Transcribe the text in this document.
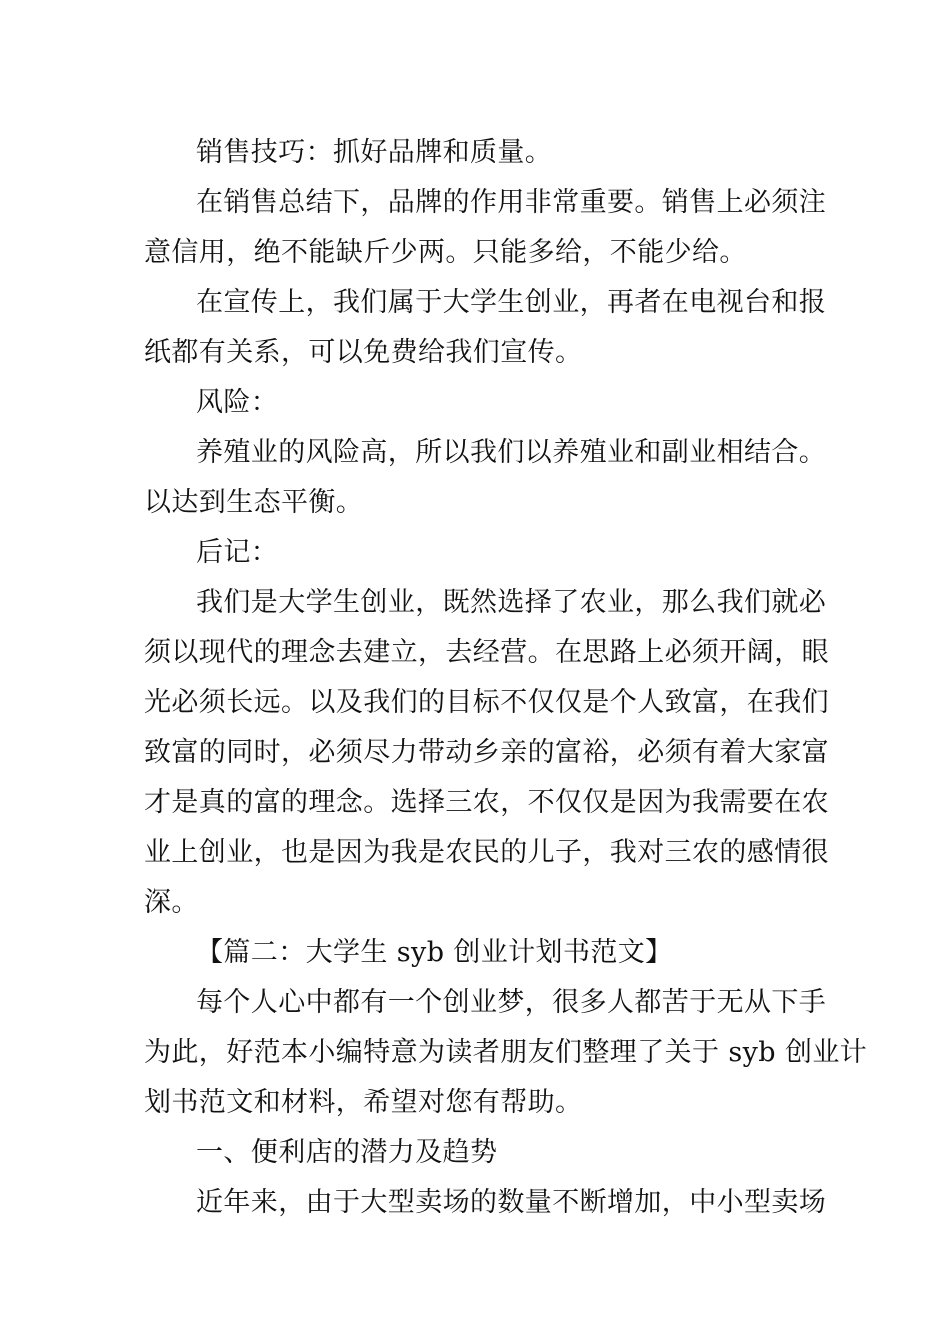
销售技巧：抓好品牌和质量。
在销售总结下，品牌的作用非常重要。销售上必须注
意信用，绝不能缺斤少两。只能多给，不能少给。
在宣传上，我们属于大学生创业，再者在电视台和报
纸都有关系，可以免费给我们宣传。
风险：
养殖业的风险高，所以我们以养殖业和副业相结合。
以达到生态平衡。
后记：
我们是大学生创业，既然选择了农业，那么我们就必
须以现代的理念去建立，去经营。在思路上必须开阔，眼
光必须长远。以及我们的目标不仅仅是个人致富，在我们
致富的同时，必须尽力带动乡亲的富裕，必须有着大家富
才是真的富的理念。选择三农，不仅仅是因为我需要在农
业上创业，也是因为我是农民的儿子，我对三农的感情很
深。
【篇二：大学生 syb 创业计划书范文】
每个人心中都有一个创业梦，很多人都苦于无从下手
为此，好范本小编特意为读者朋友们整理了关于 syb 创业计
划书范文和材料，希望对您有帮助。
一、便利店的潜力及趋势
近年来，由于大型卖场的数量不断增加，中小型卖场
